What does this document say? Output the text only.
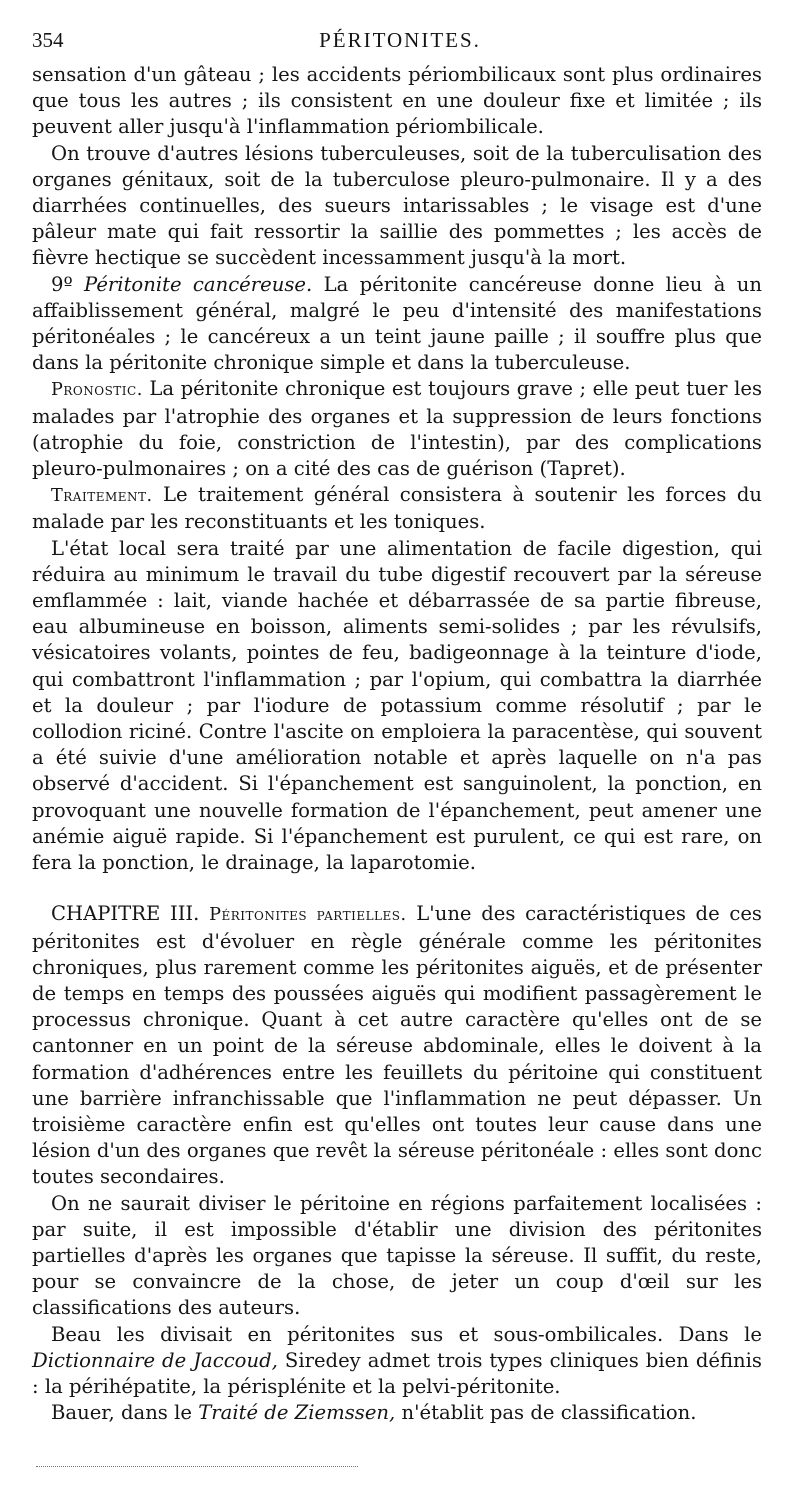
354	PÉRITONITES.

sensation d'un gâteau ; les accidents périombilicaux sont plus ordinaires que tous les autres ; ils consistent en une douleur fixe et limitée ; ils peuvent aller jusqu'à l'inflammation périombilicale.

On trouve d'autres lésions tuberculeuses, soit de la tuberculisation des organes génitaux, soit de la tuberculose pleuro-pulmonaire. Il y a des diarrhées continuelles, des sueurs intarissables ; le visage est d'une pâleur mate qui fait ressortir la saillie des pommettes ; les accès de fièvre hectique se succèdent incessamment jusqu'à la mort.

9º Péritonite cancéreuse. La péritonite cancéreuse donne lieu à un affaiblissement général, malgré le peu d'intensité des manifestations péritonéales ; le cancéreux a un teint jaune paille ; il souffre plus que dans la péritonite chronique simple et dans la tuberculeuse.

Pronostic. La péritonite chronique est toujours grave ; elle peut tuer les malades par l'atrophie des organes et la suppression de leurs fonctions (atrophie du foie, constriction de l'intestin), par des complications pleuro-pulmonaires ; on a cité des cas de guérison (Tapret).

Traitement. Le traitement général consistera à soutenir les forces du malade par les reconstituants et les toniques.

L'état local sera traité par une alimentation de facile digestion, qui réduira au minimum le travail du tube digestif recouvert par la séreuse emflammée : lait, viande hachée et débarrassée de sa partie fibreuse, eau albumineuse en boisson, aliments semi-solides ; par les révulsifs, vésicatoires volants, pointes de feu, badigeonnage à la teinture d'iode, qui combattront l'inflammation ; par l'opium, qui combattra la diarrhée et la douleur ; par l'iodure de potassium comme résolutif ; par le collodion riciné. Contre l'ascite on emploiera la paracentèse, qui souvent a été suivie d'une amélioration notable et après laquelle on n'a pas observé d'accident. Si l'épanchement est sanguinolent, la ponction, en provoquant une nouvelle formation de l'épanchement, peut amener une anémie aiguë rapide. Si l'épanchement est purulent, ce qui est rare, on fera la ponction, le drainage, la laparotomie.

CHAPITRE III. Péritonites partielles. L'une des caractéristiques de ces péritonites est d'évoluer en règle générale comme les péritonites chroniques, plus rarement comme les péritonites aiguës, et de présenter de temps en temps des poussées aiguës qui modifient passagèrement le processus chronique. Quant à cet autre caractère qu'elles ont de se cantonner en un point de la séreuse abdominale, elles le doivent à la formation d'adhérences entre les feuillets du péritoine qui constituent une barrière infranchissable que l'inflammation ne peut dépasser. Un troisième caractère enfin est qu'elles ont toutes leur cause dans une lésion d'un des organes que revêt la séreuse péritonéale : elles sont donc toutes secondaires.

On ne saurait diviser le péritoine en régions parfaitement localisées : par suite, il est impossible d'établir une division des péritonites partielles d'après les organes que tapisse la séreuse. Il suffit, du reste, pour se convaincre de la chose, de jeter un coup d'œil sur les classifications des auteurs.

Beau les divisait en péritonites sus et sous-ombilicales. Dans le Dictionnaire de Jaccoud, Siredey admet trois types cliniques bien définis : la périhépatite, la périsplénite et la pelvi-péritonite.

Bauer, dans le Traité de Ziemssen, n'établit pas de classification.
